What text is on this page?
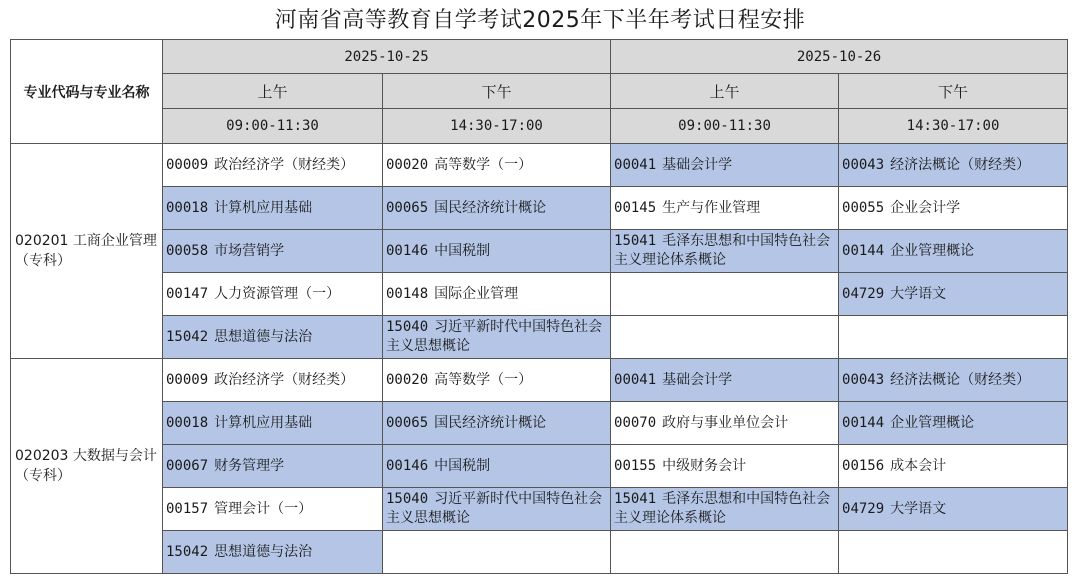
河南省高等教育自学考试2025年下半年考试日程安排
专业代码与专业名称	2025-10-25		2025-10-26	
	上午	下午	上午	下午
	09:00-11:30	14:30-17:00	09:00-11:30	14:30-17:00
020201 工商企业管理（专科）	00009 政治经济学（财经类）	00020 高等数学（一）	00041 基础会计学	00043 经济法概论（财经类）
	00018 计算机应用基础	00065 国民经济统计概论	00145 生产与作业管理	00055 企业会计学
	00058 市场营销学	00146 中国税制	15041 毛泽东思想和中国特色社会主义理论体系概论	00144 企业管理概论
	00147 人力资源管理（一）	00148 国际企业管理		04729 大学语文
	15042 思想道德与法治	15040 习近平新时代中国特色社会主义思想概论		
020203 大数据与会计（专科）	00009 政治经济学（财经类）	00020 高等数学（一）	00041 基础会计学	00043 经济法概论（财经类）
	00018 计算机应用基础	00065 国民经济统计概论	00070 政府与事业单位会计	00144 企业管理概论
	00067 财务管理学	00146 中国税制	00155 中级财务会计	00156 成本会计
	00157 管理会计（一）	15040 习近平新时代中国特色社会主义思想概论	15041 毛泽东思想和中国特色社会主义理论体系概论	04729 大学语文
	15042 思想道德与法治			
